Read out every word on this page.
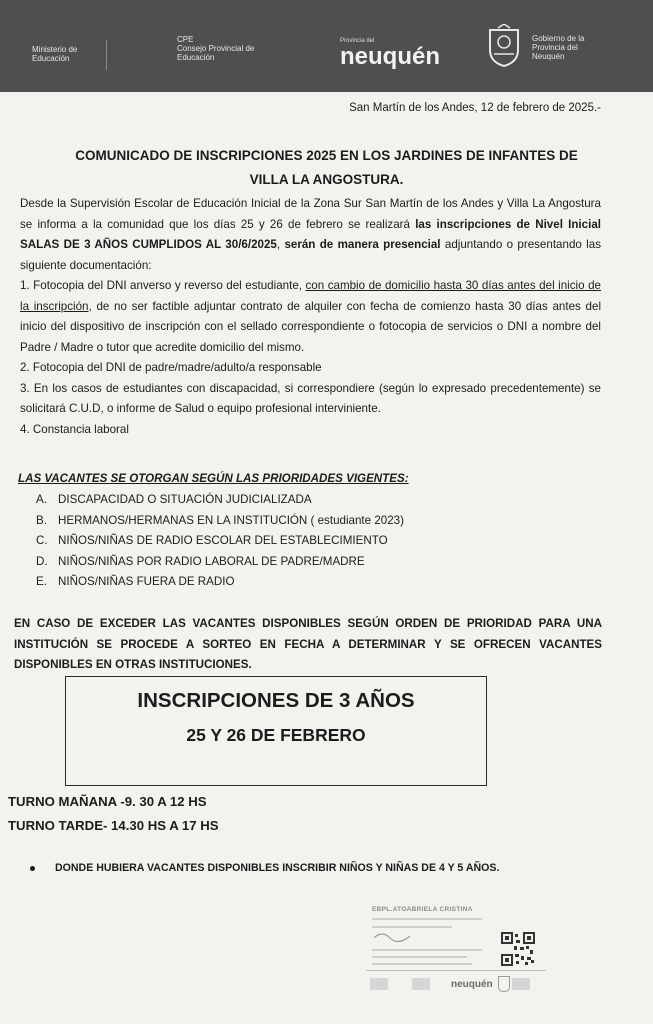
Ministerio de Educación
CPE
Consejo Provincial de Educación
Provincia del
neuquén
Gobierno de la Provincia del Neuquén
San Martín de los Andes, 12 de febrero de 2025.-
COMUNICADO DE INSCRIPCIONES 2025 EN LOS JARDINES DE INFANTES DE
VILLA LA ANGOSTURA.

Desde la Supervisión Escolar de Educación Inicial de la Zona Sur San Martín de los Andes y Villa La Angostura se informa a la comunidad que los días 25 y 26 de febrero se realizará las inscripciones de Nivel Inicial SALAS DE 3 AÑOS CUMPLIDOS AL 30/6/2025, serán de manera presencial adjuntando o presentando las siguiente documentación:

1. Fotocopia del DNI anverso y reverso del estudiante, con cambio de domicilio hasta 30 días antes del inicio de la inscripción, de no ser factible adjuntar contrato de alquiler con fecha de comienzo hasta 30 días antes del inicio del dispositivo de inscripción con el sellado correspondiente o fotocopia de servicios o DNI a nombre del Padre / Madre o tutor que acredite domicilio del mismo.

2. Fotocopia del DNI de padre/madre/adulto/a responsable

3. En los casos de estudiantes con discapacidad, si correspondiere (según lo expresado precedentemente) se solicitará C.U.D, o informe de Salud o equipo profesional interviniente.

4. Constancia laboral

LAS VACANTES SE OTORGAN SEGÚN LAS PRIORIDADES VIGENTES:
A. DISCAPACIDAD O SITUACIÓN JUDICIALIZADA
B. HERMANOS/HERMANAS EN LA INSTITUCIÓN ( estudiante 2023)
C. NIÑOS/NIÑAS DE RADIO ESCOLAR DEL ESTABLECIMIENTO
D. NIÑOS/NIÑAS POR RADIO LABORAL DE PADRE/MADRE
E. NIÑOS/NIÑAS FUERA DE RADIO
EN CASO DE EXCEDER LAS VACANTES DISPONIBLES SEGÚN ORDEN DE PRIORIDAD PARA UNA INSTITUCIÓN SE PROCEDE A SORTEO EN FECHA A DETERMINAR Y SE OFRECEN VACANTES DISPONIBLES EN OTRAS INSTITUCIONES.
INSCRIPCIONES DE 3 AÑOS
25 Y 26 DE FEBRERO
TURNO MAÑANA -9. 30 A 12 HS
TURNO TARDE- 14.30 HS A 17 HS
DONDE HUBIERA VACANTES DISPONIBLES INSCRIBIR NIÑOS Y NIÑAS DE 4 Y 5 AÑOS.
EBPL.ATOABRIELA CRISTINA
neuquén
